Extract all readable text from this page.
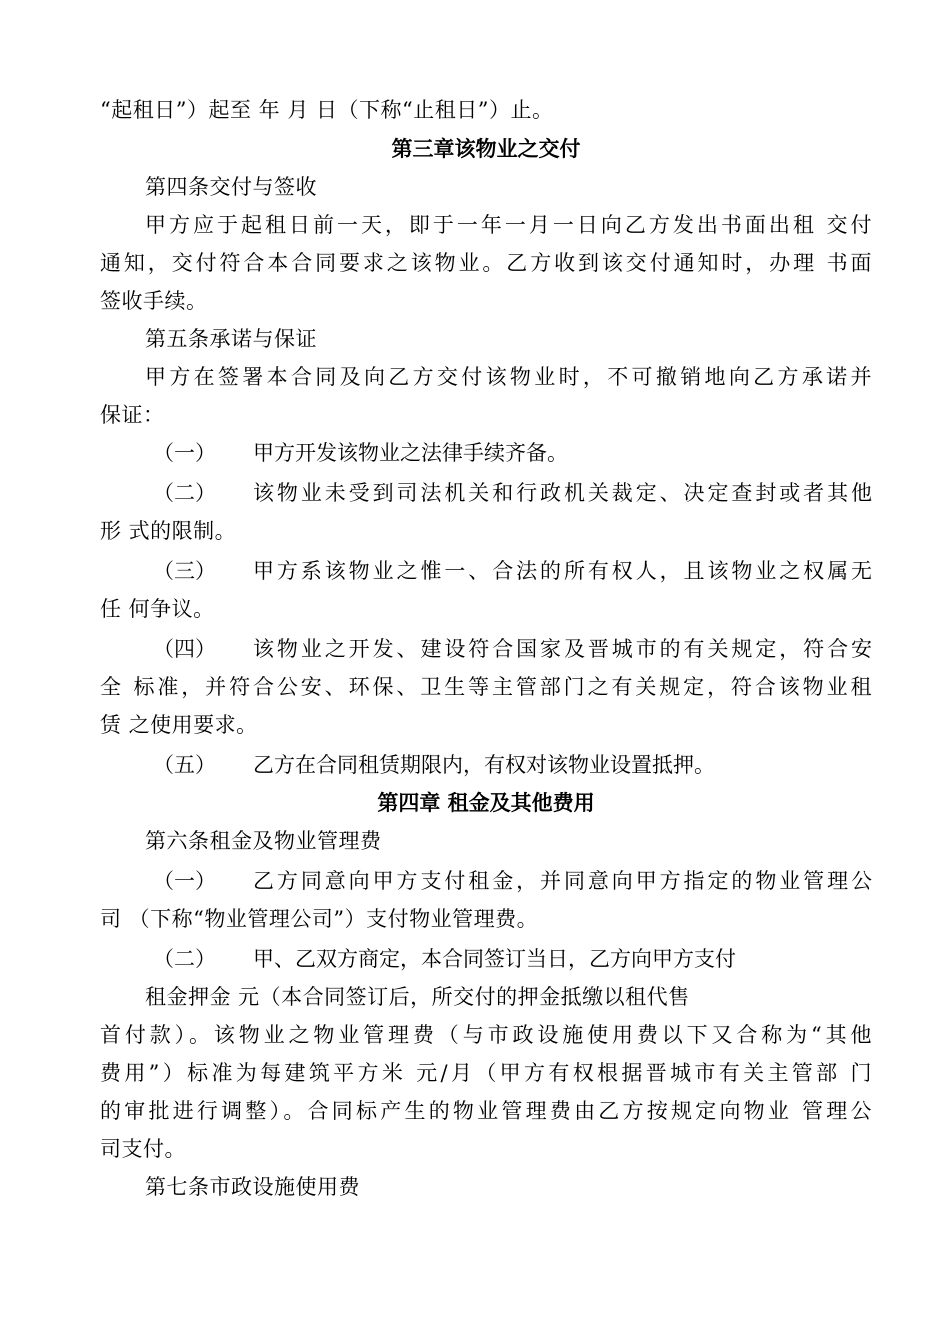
“起租日”）起至 年 月 日（下称“止租日”）止。
第三章该物业之交付
第四条交付与签收
甲方应于起租日前一天，即于一年一月一日向乙方发出书面出租 交付
通知，交付符合本合同要求之该物业。乙方收到该交付通知时，办理 书面
签收手续。
第五条承诺与保证
甲方在签署本合同及向乙方交付该物业时，不可撤销地向乙方承诺并
保证：
（一） 甲方开发该物业之法律手续齐备。
（二） 该物业未受到司法机关和行政机关裁定、决定查封或者其他
形 式的限制。
（三） 甲方系该物业之惟一、合法的所有权人，且该物业之权属无
任 何争议。
（四） 该物业之开发、建设符合国家及晋城市的有关规定，符合安
全 标准，并符合公安、环保、卫生等主管部门之有关规定，符合该物业租
赁 之使用要求。
（五） 乙方在合同租赁期限内，有权对该物业设置抵押。
第四章 租金及其他费用
第六条租金及物业管理费
（一） 乙方同意向甲方支付租金，并同意向甲方指定的物业管理公
司 （下称“物业管理公司”）支付物业管理费。
（二） 甲、乙双方商定，本合同签订当日，乙方向甲方支付
租金押金 元（本合同签订后，所交付的押金抵缴以租代售
首付款）。该物业之物业管理费（与市政设施使用费以下又合称为“其他
费用”）标准为每建筑平方米 元/月（甲方有权根据晋城市有关主管部 门
的审批进行调整）。合同标产生的物业管理费由乙方按规定向物业 管理公
司支付。
第七条市政设施使用费
